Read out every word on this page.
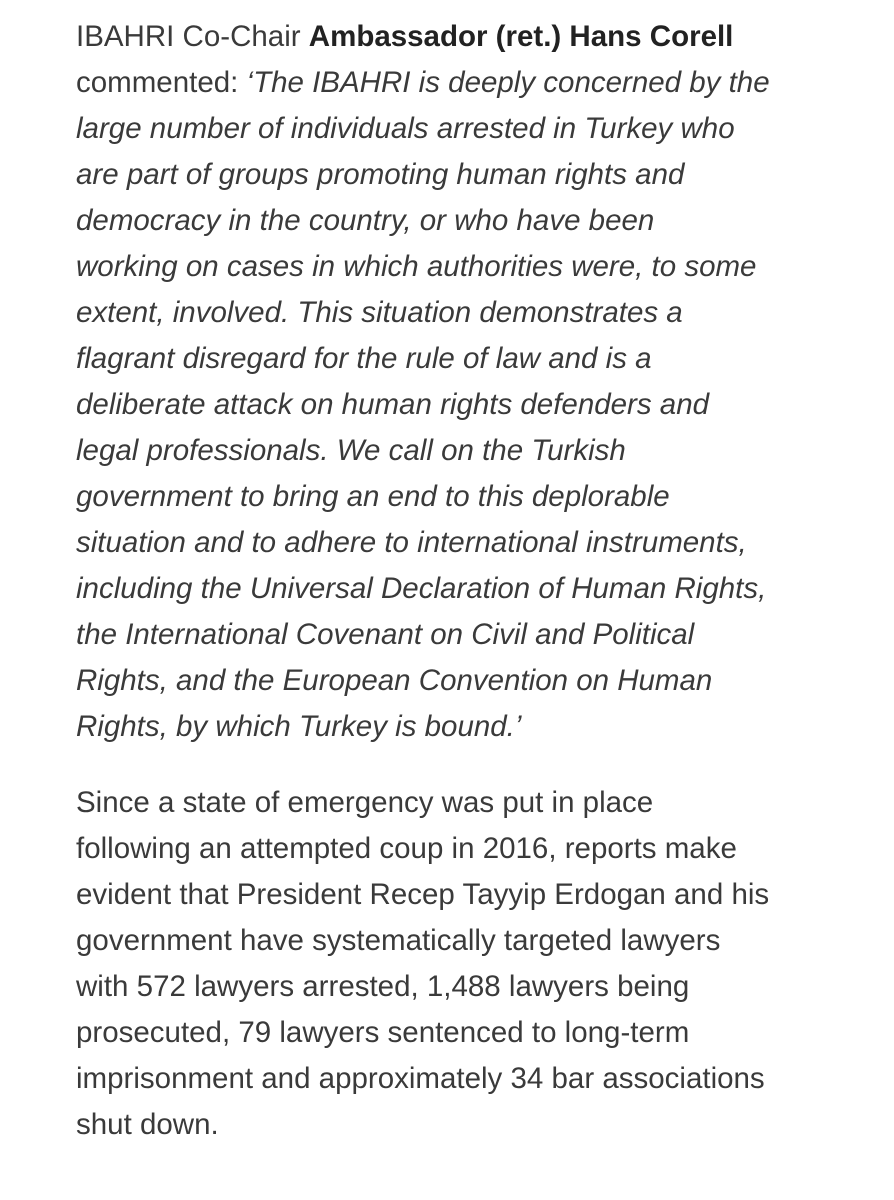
IBAHRI Co-Chair Ambassador (ret.) Hans Corell
commented: ‘The IBAHRI is deeply concerned by the
large number of individuals arrested in Turkey who
are part of groups promoting human rights and
democracy in the country, or who have been
working on cases in which authorities were, to some
extent, involved. This situation demonstrates a
flagrant disregard for the rule of law and is a
deliberate attack on human rights defenders and
legal professionals. We call on the Turkish
government to bring an end to this deplorable
situation and to adhere to international instruments,
including the Universal Declaration of Human Rights,
the International Covenant on Civil and Political
Rights, and the European Convention on Human
Rights, by which Turkey is bound.’

Since a state of emergency was put in place
following an attempted coup in 2016, reports make
evident that President Recep Tayyip Erdogan and his
government have systematically targeted lawyers
with 572 lawyers arrested, 1,488 lawyers being
prosecuted, 79 lawyers sentenced to long-term
imprisonment and approximately 34 bar associations
shut down.
